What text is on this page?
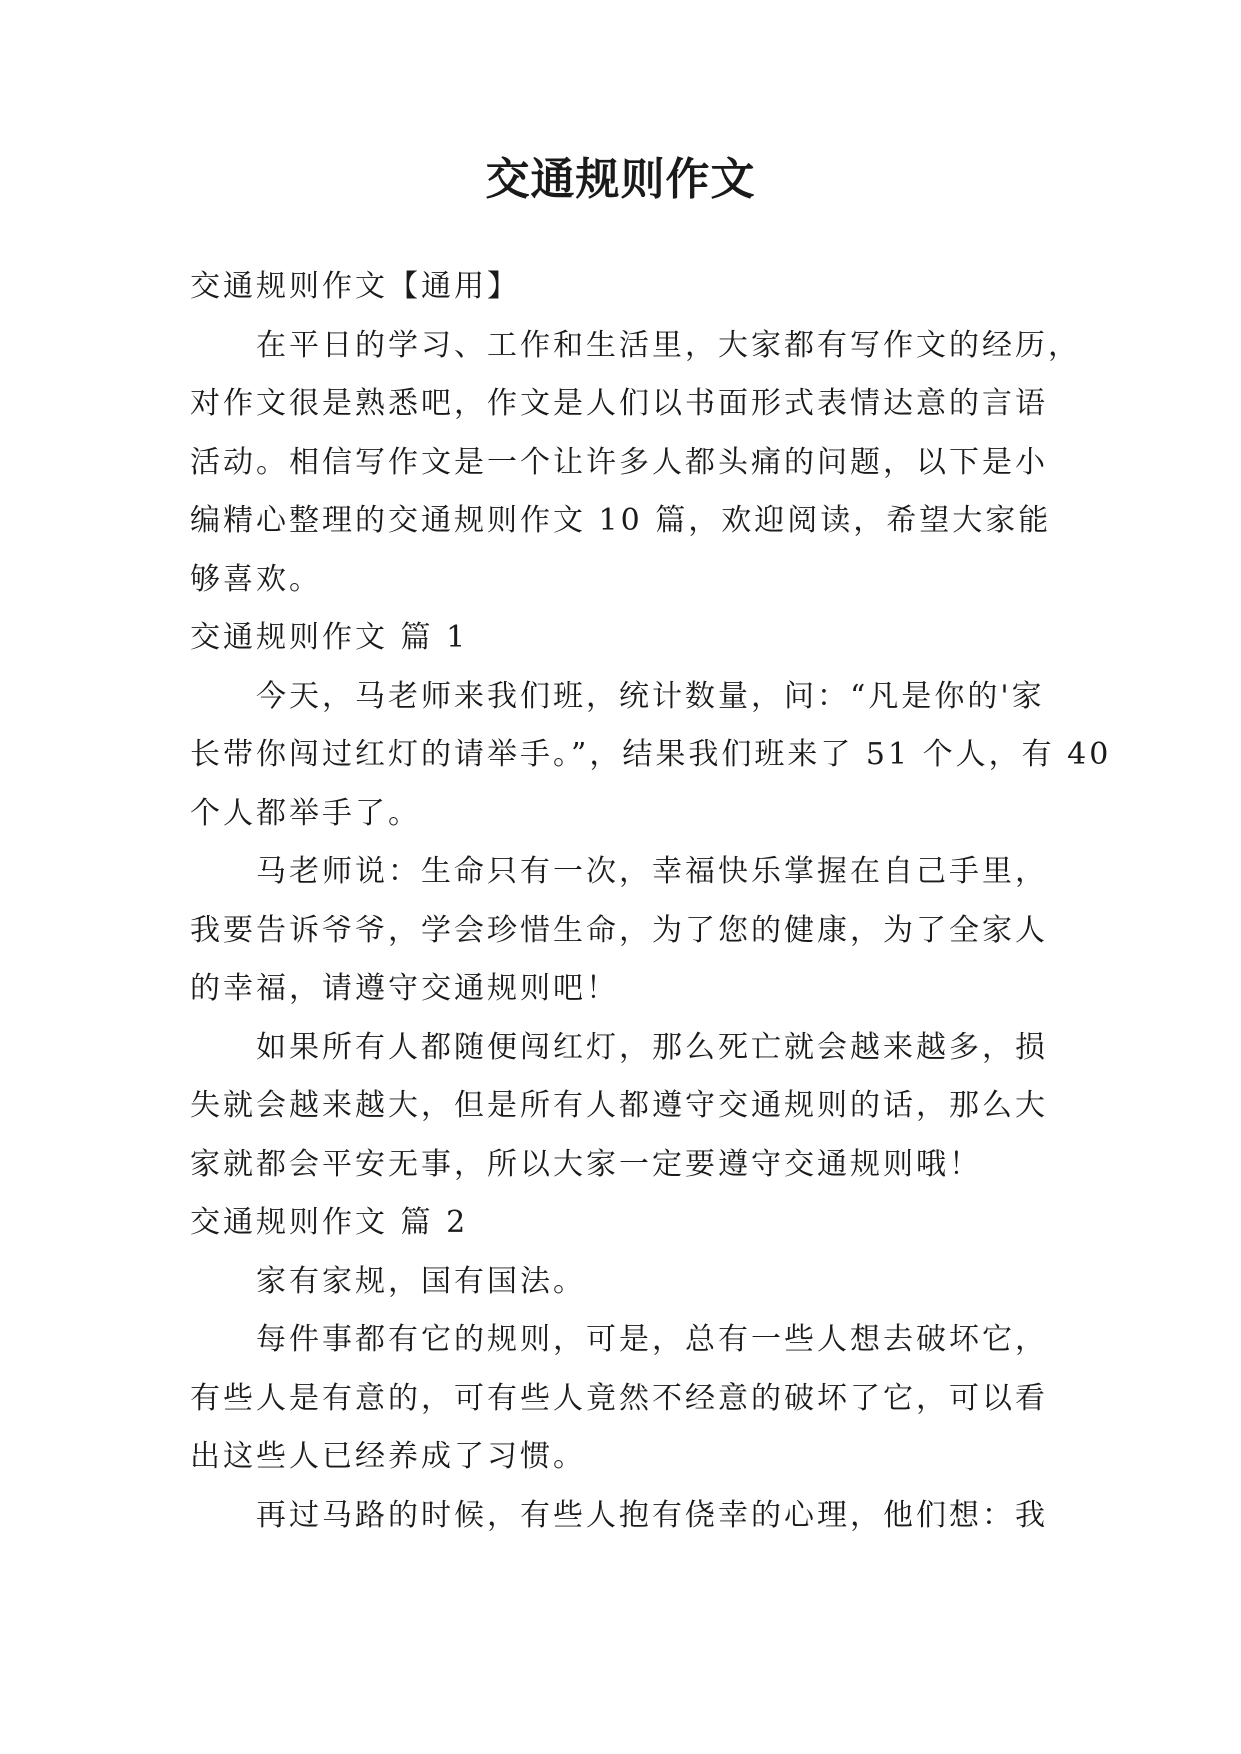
交通规则作文
交通规则作文【通用】
在平日的学习、工作和生活里，大家都有写作文的经历，
对作文很是熟悉吧，作文是人们以书面形式表情达意的言语
活动。相信写作文是一个让许多人都头痛的问题，以下是小
编精心整理的交通规则作文 10 篇，欢迎阅读，希望大家能
够喜欢。
交通规则作文 篇 1
今天，马老师来我们班，统计数量，问：“凡是你的'家
长带你闯过红灯的请举手。”，结果我们班来了 51 个人，有 40
个人都举手了。
马老师说：生命只有一次，幸福快乐掌握在自己手里，
我要告诉爷爷，学会珍惜生命，为了您的健康，为了全家人
的幸福，请遵守交通规则吧！
如果所有人都随便闯红灯，那么死亡就会越来越多，损
失就会越来越大，但是所有人都遵守交通规则的话，那么大
家就都会平安无事，所以大家一定要遵守交通规则哦！
交通规则作文 篇 2
家有家规，国有国法。
每件事都有它的规则，可是，总有一些人想去破坏它，
有些人是有意的，可有些人竟然不经意的破坏了它，可以看
出这些人已经养成了习惯。
再过马路的时候，有些人抱有侥幸的心理，他们想：我
